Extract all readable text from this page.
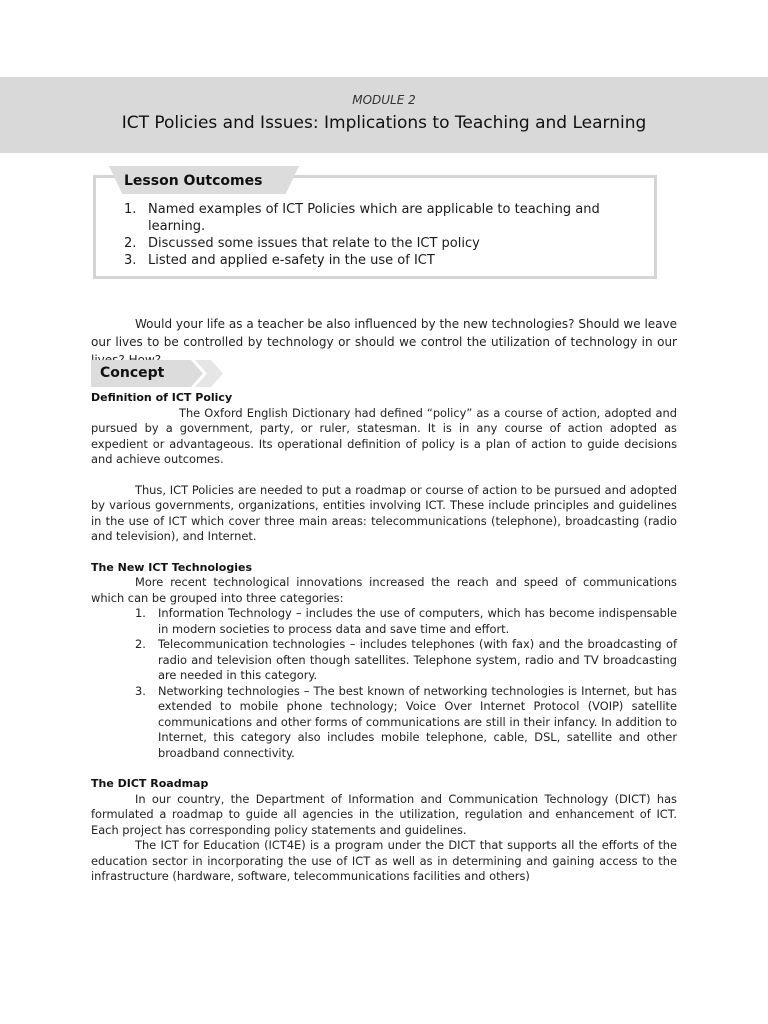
MODULE 2
ICT Policies and Issues: Implications to Teaching and Learning
Lesson Outcomes
1. Named examples of ICT Policies which are applicable to teaching and learning.
2. Discussed some issues that relate to the ICT policy
3. Listed and applied e-safety in the use of ICT

Would your life as a teacher be also influenced by the new technologies? Should we leave our lives to be controlled by technology or should we control the utilization of technology in our

Concept

Definition of ICT Policy

The Oxford English Dictionary had defined “policy” as a course of action, adopted and pursued by a government, party, or ruler, statesman. It is in any course of action adopted as expedient or advantageous. Its operational definition of policy is a plan of action to guide decisions and achieve outcomes.

Thus, ICT Policies are needed to put a roadmap or course of action to be pursued and adopted by various governments, organizations, entities involving ICT. These include principles and guidelines in the use of ICT which cover three main areas: telecommunications (telephone), broadcasting (radio and television), and Internet.

The New ICT Technologies

More recent technological innovations increased the reach and speed of communications which can be grouped into three categories:

1. Information Technology – includes the use of computers, which has become indispensable in modern societies to process data and save time and effort.
2. Telecommunication technologies – includes telephones (with fax) and the broadcasting of radio and television often though satellites. Telephone system, radio and TV broadcasting are needed in this category.
3. Networking technologies – The best known of networking technologies is Internet, but has extended to mobile phone technology; Voice Over Internet Protocol (VOIP) satellite communications and other forms of communications are still in their infancy. In addition to Internet, this category also includes mobile telephone, cable, DSL, satellite and other broadband connectivity.

The DICT Roadmap

In our country, the Department of Information and Communication Technology (DICT) has formulated a roadmap to guide all agencies in the utilization, regulation and enhancement of ICT. Each project has corresponding policy statements and guidelines.

The ICT for Education (ICT4E) is a program under the DICT that supports all the efforts of the education sector in incorporating the use of ICT as well as in determining and gaining access to the infrastructure (hardware, software, telecommunications facilities and others)
